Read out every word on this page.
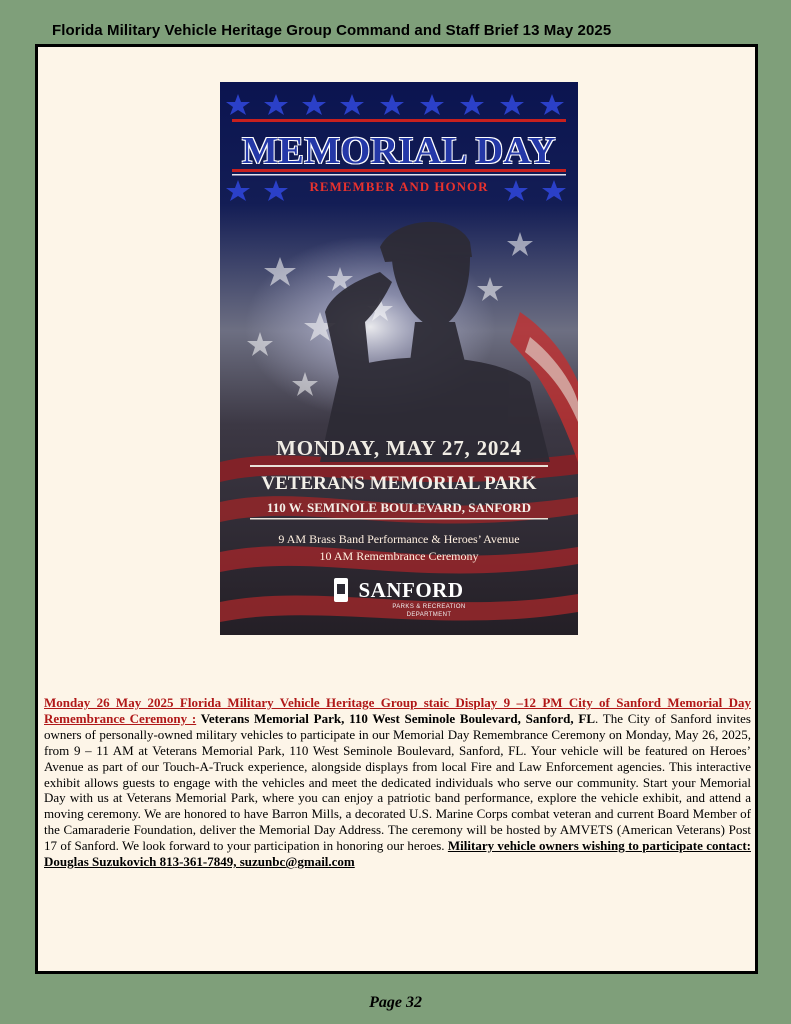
Florida Military Vehicle Heritage Group Command and Staff Brief 13 May 2025
MEMORIAL DAY
REMEMBER AND HONOR
MONDAY, MAY 27, 2024
VETERANS MEMORIAL PARK
110 W. SEMINOLE BOULEVARD, SANFORD
9 AM Brass Band Performance & Heroes’ Avenue
10 AM Remembrance Ceremony
SANFORD
PARKS & RECREATION
DEPARTMENT
Monday 26 May 2025 Florida Military Vehicle Heritage Group staic Display 9 –12 PM City of Sanford Memorial Day Remembrance Ceremony : Veterans Memorial Park, 110 West Seminole Boulevard, Sanford, FL. The City of Sanford invites owners of personally-owned military vehicles to participate in our Memorial Day Remembrance Ceremony on Monday, May 26, 2025, from 9 – 11 AM at Veterans Memorial Park, 110 West Seminole Boulevard, Sanford, FL. Your vehicle will be featured on Heroes’ Avenue as part of our Touch-A-Truck experience, alongside displays from local Fire and Law Enforcement agencies. This interactive exhibit allows guests to engage with the vehicles and meet the dedicated individuals who serve our community. Start your Memorial Day with us at Veterans Memorial Park, where you can enjoy a patriotic band performance, explore the vehicle exhibit, and attend a moving ceremony. We are honored to have Barron Mills, a decorated U.S. Marine Corps combat veteran and current Board Member of the Camaraderie Foundation, deliver the Memorial Day Address. The ceremony will be hosted by AMVETS (American Veterans) Post 17 of Sanford. We look forward to your participation in honoring our heroes. Military vehicle owners wishing to participate contact: Douglas Suzukovich 813-361-7849, suzunbc@gmail.com
Page 32
